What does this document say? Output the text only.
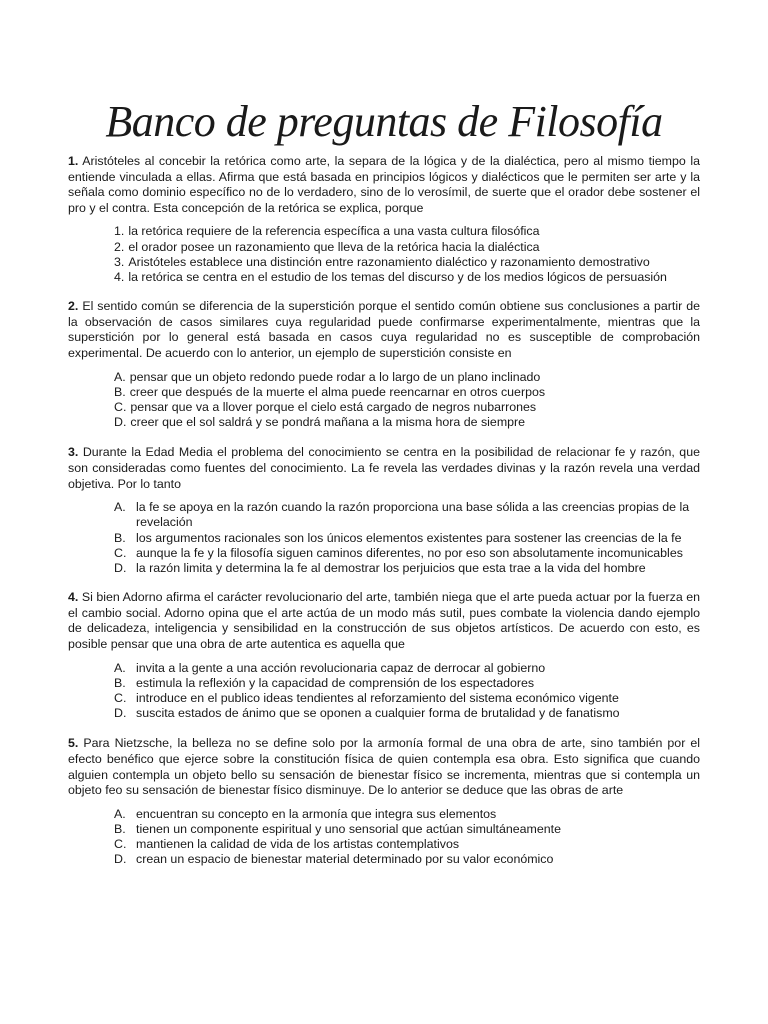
Banco de preguntas de Filosofía

1. Aristóteles al concebir la retórica como arte, la separa de la lógica y de la dialéctica, pero al mismo tiempo la entiende vinculada a ellas. Afirma que está basada en principios lógicos y dialécticos que le permiten ser arte y la señala como dominio específico no de lo verdadero, sino de lo verosímil, de suerte que el orador debe sostener el pro y el contra. Esta concepción de la retórica se explica, porque

1. la retórica requiere de la referencia específica a una vasta cultura filosófica
2. el orador posee un razonamiento que lleva de la retórica hacia la dialéctica
3. Aristóteles establece una distinción entre razonamiento dialéctico y razonamiento demostrativo
4. la retórica se centra en el estudio de los temas del discurso y de los medios lógicos de persuasión

2. El sentido común se diferencia de la superstición porque el sentido común obtiene sus conclusiones a partir de la observación de casos similares cuya regularidad puede confirmarse experimentalmente, mientras que la superstición por lo general está basada en casos cuya regularidad no es susceptible de comprobación experimental. De acuerdo con lo anterior, un ejemplo de superstición consiste en

A. pensar que un objeto redondo puede rodar a lo largo de un plano inclinado
B. creer que después de la muerte el alma puede reencarnar en otros cuerpos
C. pensar que va a llover porque el cielo está cargado de negros nubarrones
D. creer que el sol saldrá y se pondrá mañana a la misma hora de siempre

3. Durante la Edad Media el problema del conocimiento se centra en la posibilidad de relacionar fe y razón, que son consideradas como fuentes del conocimiento. La fe revela las verdades divinas y la razón revela una verdad objetiva. Por lo tanto

A. la fe se apoya en la razón cuando la razón proporciona una base sólida a las creencias propias de la revelación
B. los argumentos racionales son los únicos elementos existentes para sostener las creencias de la fe
C. aunque la fe y la filosofía siguen caminos diferentes, no por eso son absolutamente incomunicables
D. la razón limita y determina la fe al demostrar los perjuicios que esta trae a la vida del hombre

4. Si bien Adorno afirma el carácter revolucionario del arte, también niega que el arte pueda actuar por la fuerza en el cambio social. Adorno opina que el arte actúa de un modo más sutil, pues combate la violencia dando ejemplo de delicadeza, inteligencia y sensibilidad en la construcción de sus objetos artísticos. De acuerdo con esto, es posible pensar que una obra de arte autentica es aquella que

A. invita a la gente a una acción revolucionaria capaz de derrocar al gobierno
B. estimula la reflexión y la capacidad de comprensión de los espectadores
C. introduce en el publico ideas tendientes al reforzamiento del sistema económico vigente
D. suscita estados de ánimo que se oponen a cualquier forma de brutalidad y de fanatismo

5. Para Nietzsche, la belleza no se define solo por la armonía formal de una obra de arte, sino también por el efecto benéfico que ejerce sobre la constitución física de quien contempla esa obra. Esto significa que cuando alguien contempla un objeto bello su sensación de bienestar físico se incrementa, mientras que si contempla un objeto feo su sensación de bienestar físico disminuye. De lo anterior se deduce que las obras de arte

A. encuentran su concepto en la armonía que integra sus elementos
B. tienen un componente espiritual y uno sensorial que actúan simultáneamente
C. mantienen la calidad de vida de los artistas contemplativos
D. crean un espacio de bienestar material determinado por su valor económico
